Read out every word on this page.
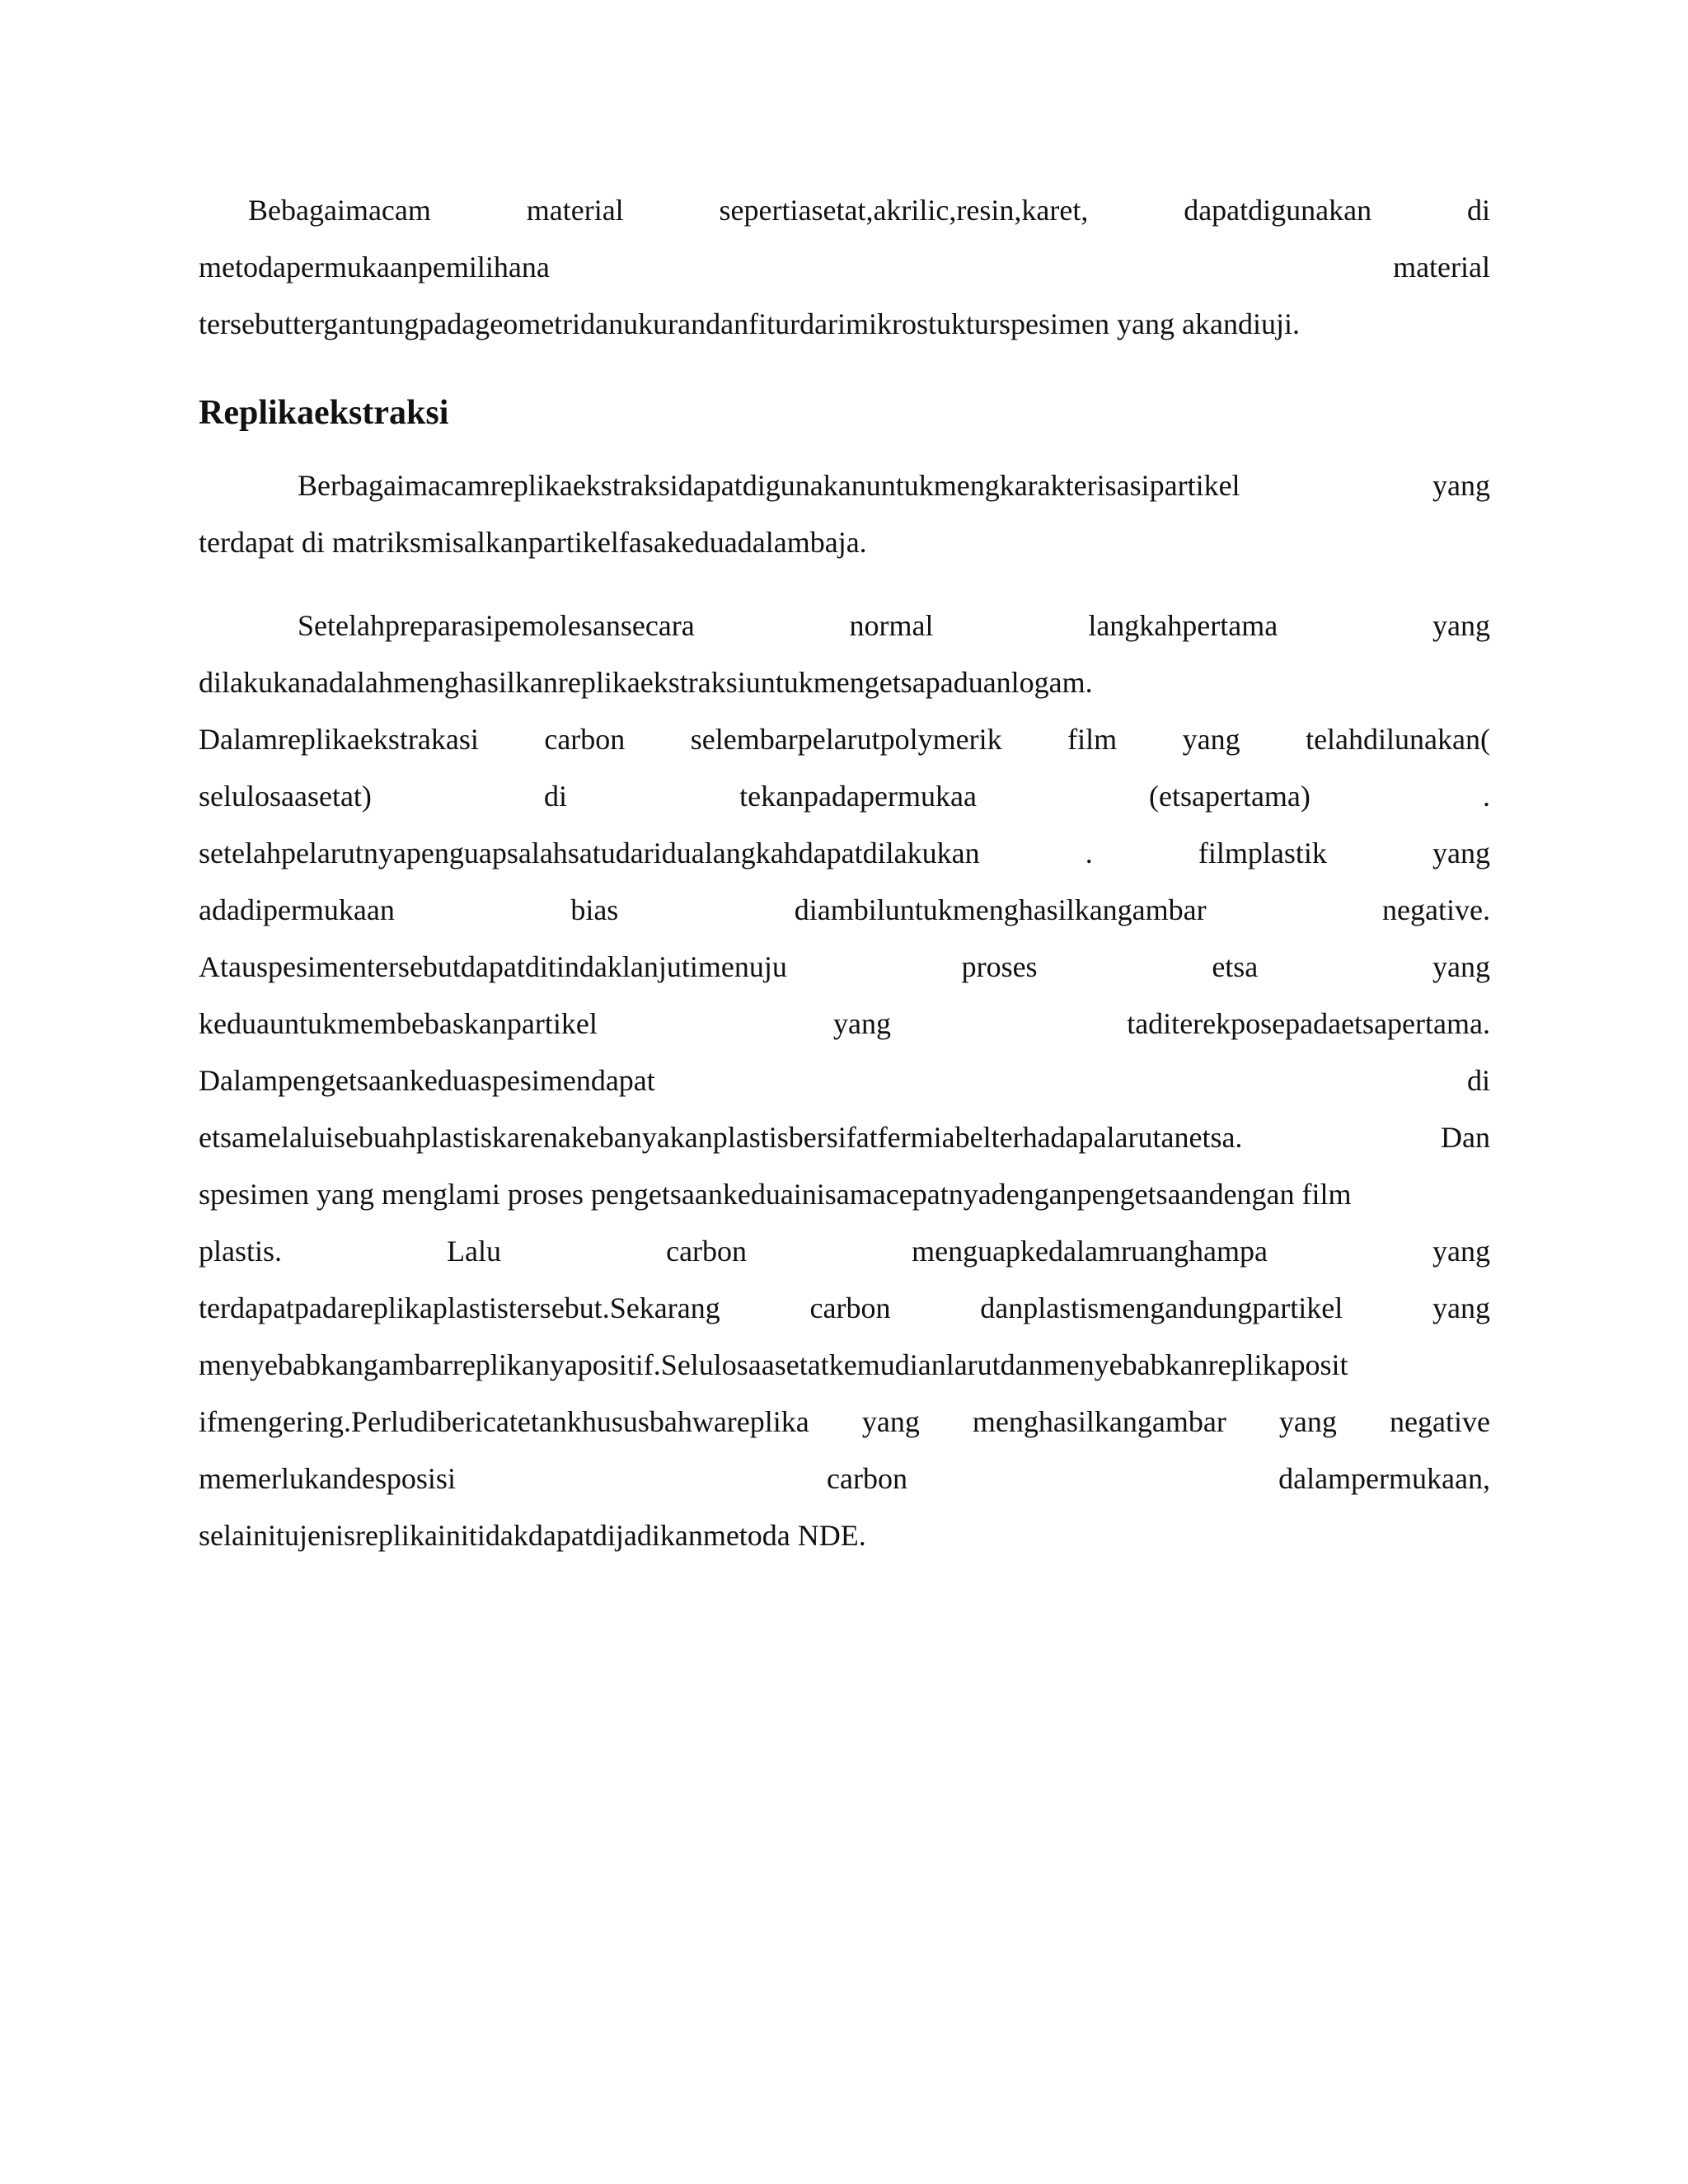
Bebagaimacam	material	sepertiasetat,akrilic,resin,karet,	dapatdigunakan	di
metodapermukaanpemilihana	material
tersebuttergantungpadageometridanukurandanfiturdarimikrostukturspesimen yang akandiuji.
Replikaekstraksi
Berbagaimacamreplikaekstraksidapatdigunakanuntukmengkarakterisasipartikel	yang
terdapat di matriksmisalkanpartikelfasakeduadalambaja.
Setelahpreparasipemolesansecara	normal	langkahpertama	yang
dilakukanadalahmenghasilkanreplikaekstraksiuntukmengetsapaduanlogam.
Dalamreplikaekstrakasi carbon selembarpelarutpolymerik film yang telahdilunakan(
selulosaasetat)	di	tekanpadapermukaa	(etsapertama)	.
setelahpelarutnyapenguapsalahsatudaridualangkahdapatdilakukan	.	filmplastik	yang
adadipermukaan	bias	diambiluntukmenghasilkangambar	negative.
Atauspesimentersebutdapatditindaklanjutimenuju	proses	etsa	yang
keduauntukmembebaskanpartikel	yang	taditerekposepadaetsapertama.
Dalampengetsaankeduaspesimendapat	di
etsamelaluisebuahplastiskarenakebanyakanplastisbersifatfermiabelterhadapalarutanetsa.	Dan
spesimen yang menglami proses pengetsaankeduainisamacepatnyadenganpengetsaandengan film
plastis.	Lalu	carbon	menguapkedalamruanghampa	yang
terdapatpadareplikaplastistersebut.Sekarang	carbon	danplastismengandungpartikel	yang
menyebabkangambarreplikanyapositif.Selulosaasetatkemudianlarutdanmenyebabkanreplikaposit
ifmengering.Perludibericatetankhususbahwareplika yang menghasilkangambar yang negative
memerlukandesposisi	carbon	dalampermukaan,
selainitujenisreplikainitidakdapatdijadikanmetoda NDE.
